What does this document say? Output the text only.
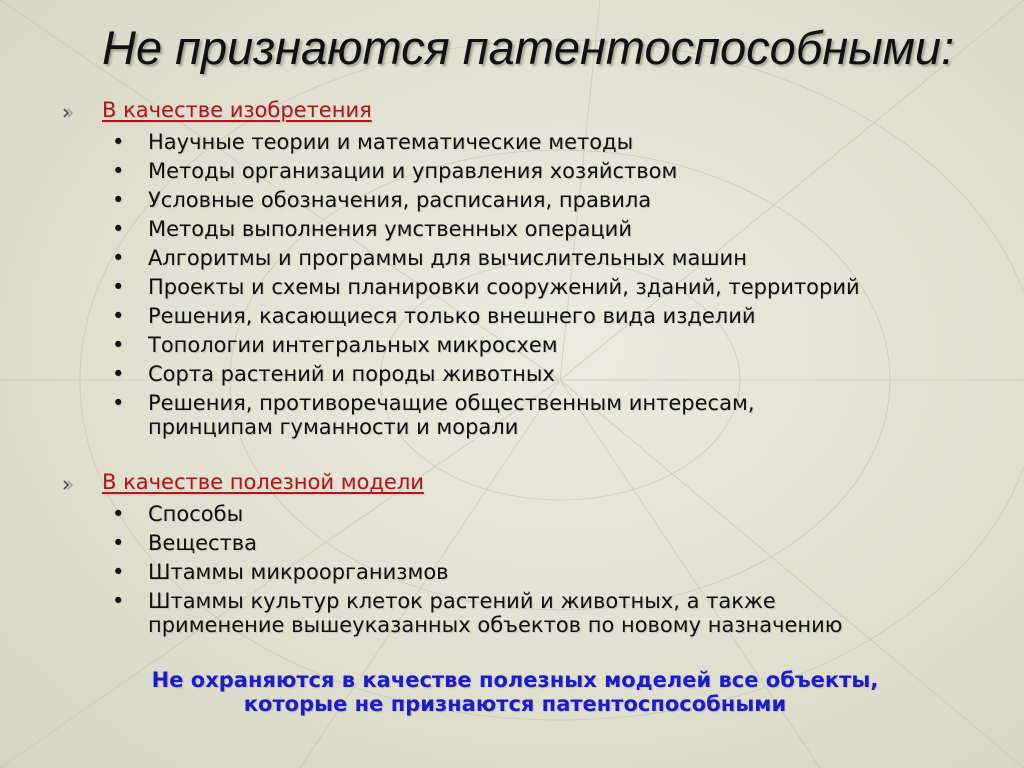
Не признаются патентоспособными:
В качестве изобретения
• Научные теории и математические методы
• Методы организации и управления хозяйством
• Условные обозначения, расписания, правила
• Методы выполнения умственных операций
• Алгоритмы и программы для вычислительных машин
• Проекты и схемы планировки сооружений, зданий, территорий
• Решения, касающиеся только внешнего вида изделий
• Топологии интегральных микросхем
• Сорта растений и породы животных
• Решения, противоречащие общественным интересам,
принципам гуманности и морали
В качестве полезной модели
• Способы
• Вещества
• Штаммы микроорганизмов
• Штаммы культур клеток растений и животных, а также
применение вышеуказанных объектов по новому назначению
Не охраняются в качестве полезных моделей все объекты,
которые не признаются патентоспособными
